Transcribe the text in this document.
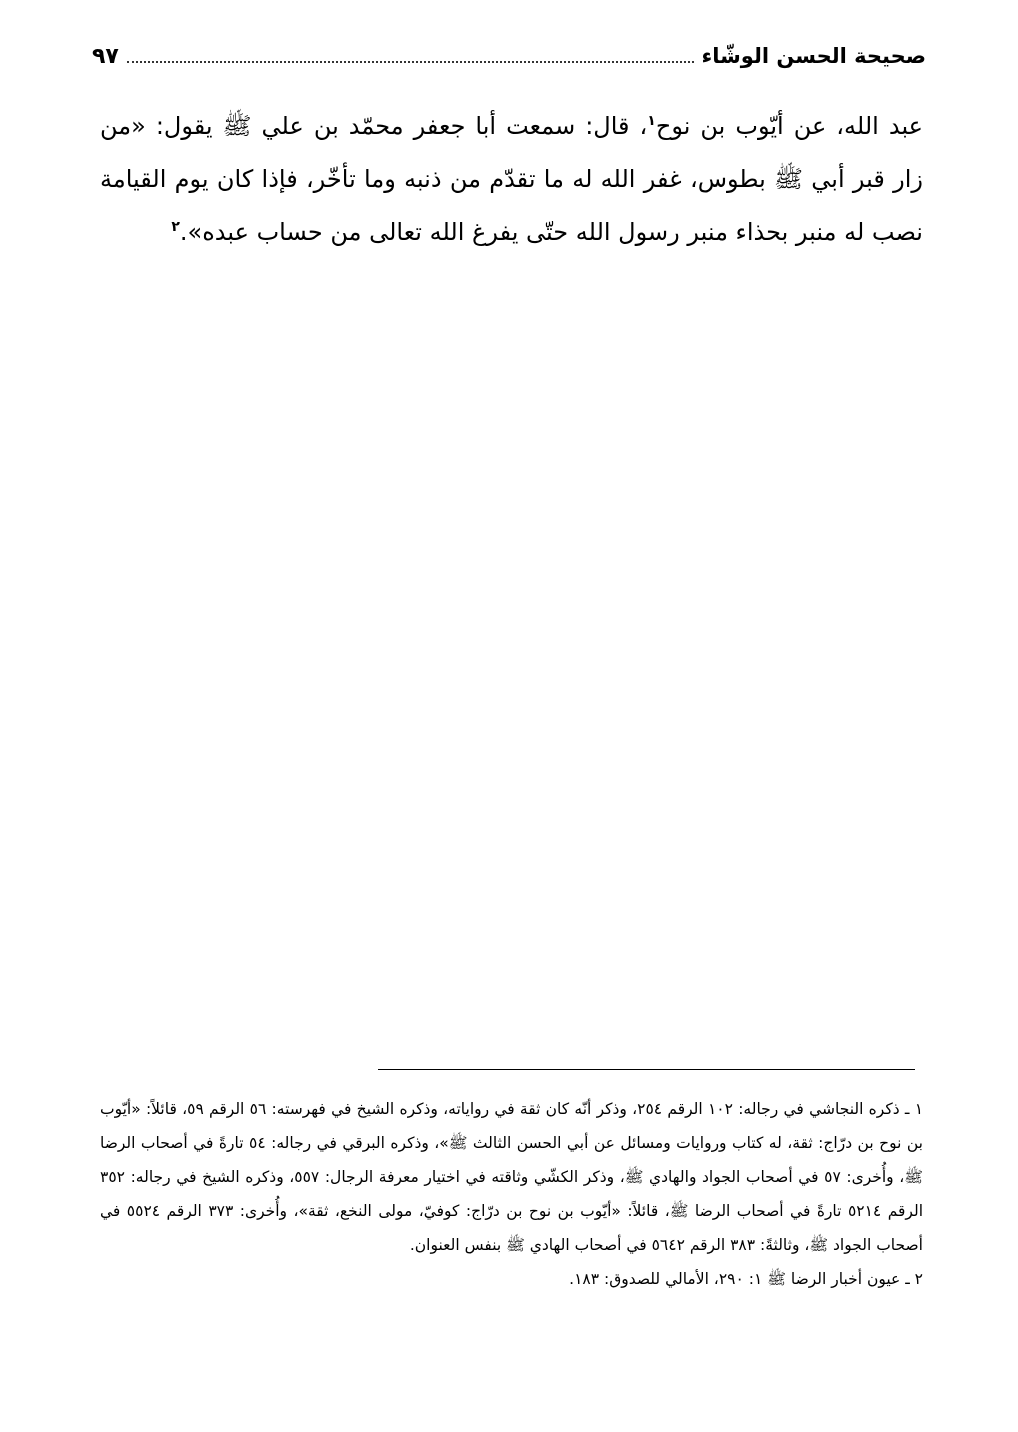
صحيحة الحسن الوشّاء
٩٧
عبد الله، عن أيّوب بن نوح$^١$، قال: سمعت أبا جعفر محمّد بن علي ﷺ يقول: «من زار قبر أبي ﷺ بطوس، غفر الله له ما تقدّم من ذنبه وما تأخّر، فإذا كان يوم القيامة نصب له منبر بحذاء منبر رسول الله حتّى يفرغ الله تعالى من حساب عبده».$^٢$

١ ـ ذكره النجاشي في رجاله: ١٠٢ الرقم ٢٥٤، وذكر أنّه كان ثقة في رواياته، وذكره الشيخ في فهرسته: ٥٦ الرقم ٥٩، قائلاً: «أيّوب بن نوح بن درّاج: ثقة، له كتاب وروايات ومسائل عن أبي الحسن الثالث ﷺ»، وذكره البرقي في رجاله: ٥٤ تارةً في أصحاب الرضا ﷺ، وأُخرى: ٥٧ في أصحاب الجواد والهادي ﷺ، وذكر الكشّي وثاقته في اختيار معرفة الرجال: ٥٥٧، وذكره الشيخ في رجاله: ٣٥٢ الرقم ٥٢١٤ تارةً في أصحاب الرضا ﷺ، قائلاً: «أيّوب بن نوح بن درّاج: كوفيّ، مولى النخع، ثقة»، وأُخرى: ٣٧٣ الرقم ٥٥٢٤ في أصحاب الجواد ﷺ، وثالثةً: ٣٨٣ الرقم ٥٦٤٢ في أصحاب الهادي ﷺ بنفس العنوان.

٢ ـ عيون أخبار الرضا ﷺ ١: ٢٩٠، الأمالي للصدوق: ١٨٣.
